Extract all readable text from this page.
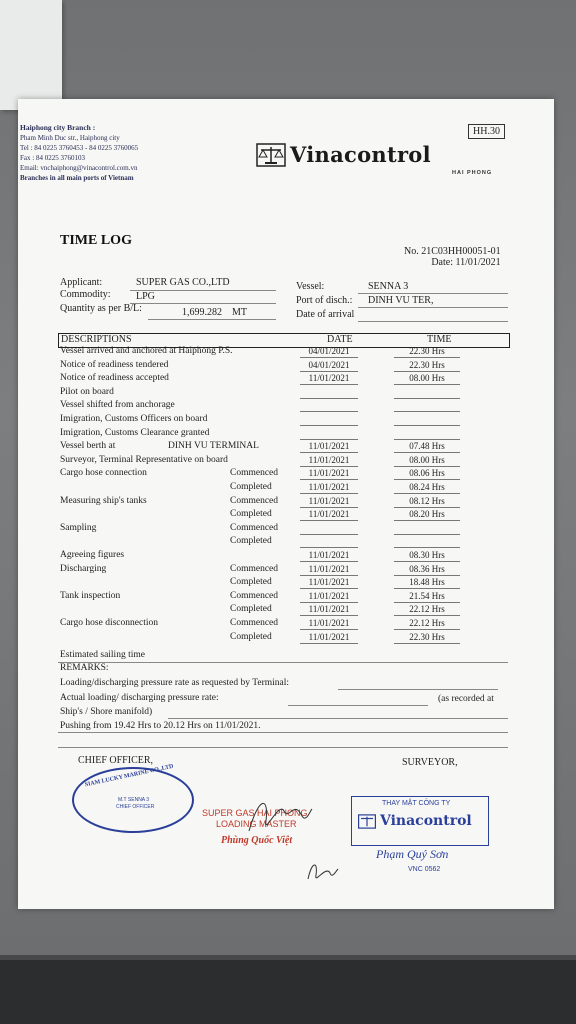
Haiphong city Branch :
Pham Minh Duc str., Haiphong city
Tel : 84 0225 3760453 - 84 0225 3760065
Fax : 84 0225 3760103
Email: vnchaiphong@vinacontrol.com.vn
Branches in all main ports of Vietnam
Vinacontrol
HAI PHONG
HH.30
TIME LOG
No. 21C03HH00051-01
Date: 11/01/2021
Applicant:	SUPER GAS CO.,LTD
Commodity:	LPG
Quantity as per B/L:	1,699.282 MT
Vessel:	SENNA 3
Port of disch.: DINH VU TER,
Date of arrival
DESCRIPTIONS	DATE	TIME
Vessel arrived and anchored at Haiphong P.S.	04/01/2021	22.30 Hrs
Notice of readiness tendered	04/01/2021	22.30 Hrs
Notice of readiness accepted	11/01/2021	08.00 Hrs
Pilot on board
Vessel shifted from anchorage
Imigration, Customs Officers on board
Imigration, Customs Clearance granted
Vessel berth at	DINH VU TERMINAL	11/01/2021	07.48 Hrs
Surveyor, Terminal Representative on board	11/01/2021	08.00 Hrs
Cargo hose connection	Commenced	11/01/2021	08.06 Hrs
Completed	11/01/2021	08.24 Hrs
Measuring ship's tanks	Commenced	11/01/2021	08.12 Hrs
Completed	11/01/2021	08.20 Hrs
Sampling	Commenced
Completed
Agreeing figures	11/01/2021	08.30 Hrs
Discharging	Commenced	11/01/2021	08.36 Hrs
Completed	11/01/2021	18.48 Hrs
Tank inspection	Commenced	11/01/2021	21.54 Hrs
Completed	11/01/2021	22.12 Hrs
Cargo hose disconnection	Commenced	11/01/2021	22.12 Hrs
Completed	11/01/2021	22.30 Hrs
Estimated sailing time
REMARKS:
Loading/discharging pressure rate as requested by Terminal:
Actual loading/ discharging pressure rate:	(as recorded at
Ship's / Shore manifold)
Pushing from 19.42 Hrs to 20.12 Hrs on 11/01/2021.
CHIEF OFFICER,	SURVEYOR,
SIAM LUCKY MARINE CO.,LTD
M.T SENNA 3
CHIEF OFFICER
SUPER GAS HAI PHONG
LOADING MASTER
Phùng Quốc Việt
THAY MẶT CÔNG TY
Vinacontrol
Phạm Quý Sơn
VNC 0562
